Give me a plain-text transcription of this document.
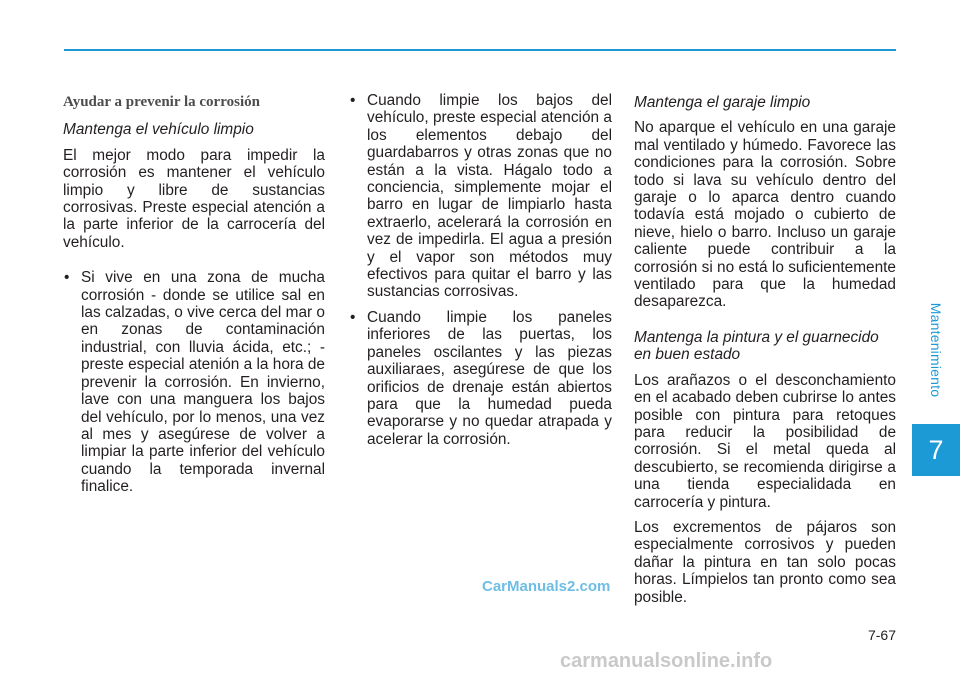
Mantenimiento
7
Ayudar a prevenir la corrosión
Mantenga el vehículo limpio

El mejor modo para impedir la corrosión es mantener el vehículo limpio y libre de sustancias corrosivas. Preste especial atención a la parte inferior de la carrocería del vehículo.

• Si vive en una zona de mucha corrosión - donde se utilice sal en las calzadas, o vive cerca del mar o en zonas de contaminación industrial, con lluvia ácida, etc.; -preste especial atenión a la hora de prevenir la corrosión. En invierno, lave con una manguera los bajos del vehículo, por lo menos, una vez al mes y asegúrese de volver a limpiar la parte inferior del vehículo cuando la temporada invernal finalice.
• Cuando limpie los bajos del vehículo, preste especial atención a los elementos debajo del guardabarros y otras zonas que no están a la vista. Hágalo todo a conciencia, simplemente mojar el barro en lugar de limpiarlo hasta extraerlo, acelerará la corrosión en vez de impedirla. El agua a presión y el vapor son métodos muy efectivos para quitar el barro y las sustancias corrosivas.
• Cuando limpie los paneles inferiores de las puertas, los paneles oscilantes y las piezas auxiliaraes, asegúrese de que los orificios de drenaje están abiertos para que la humedad pueda evaporarse y no quedar atrapada y acelerar la corrosión.
Mantenga el garaje limpio

No aparque el vehículo en una garaje mal ventilado y húmedo. Favorece las condiciones para la corrosión. Sobre todo si lava su vehículo dentro del garaje o lo aparca dentro cuando todavía está mojado o cubierto de nieve, hielo o barro. Incluso un garaje caliente puede contribuir a la corrosión si no está lo suficientemente ventilado para que la humedad desaparezca.

Mantenga la pintura y el guarnecido en buen estado

Los arañazos o el desconchamiento en el acabado deben cubrirse lo antes posible con pintura para retoques para reducir la posibilidad de corrosión. Si el metal queda al descubierto, se recomienda dirigirse a una tienda especialidada en carrocería y pintura.

Los excrementos de pájaros son especialmente corrosivos y pueden dañar la pintura en tan solo pocas horas. Límpielos tan pronto como sea posible.

CarManuals2.com
7-67
carmanualsonline.info
